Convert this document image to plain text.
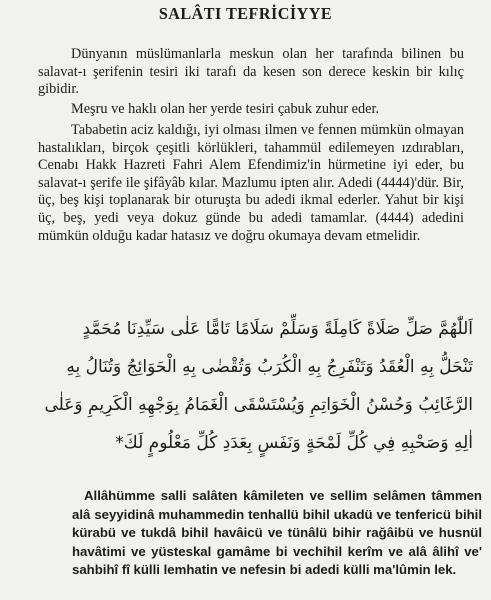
SALÂTI TEFRİCİYYE

Dünyanın müslümanlarla meskun olan her tarafında bilinen bu salavat-ı şerifenin tesiri iki tarafı da kesen son derece keskin bir kılıç gibidir.

Meşru ve haklı olan her yerde tesiri çabuk zuhur eder.

Tababetin aciz kaldığı, iyi olması ilmen ve fennen mümkün olmayan hastalıkları, birçok çeşitli körlükleri, tahammül edilemeyen ızdırabları, Cenabı Hakk Hazreti Fahri Alem Efendimiz'in hürmetine iyi eder, bu salavat-ı şerife ile şifâyâb kılar. Mazlumu ipten alır. Adedi (4444)'dür. Bir, üç, beş kişi toplanarak bir oturuşta bu adedi ikmal ederler. Yahut bir kişi üç, beş, yedi veya dokuz günde bu adedi tamamlar. (4444) adedini mümkün olduğu kadar hatasız ve doğru okumaya devam etmelidir.

اَللّٰهُمَّ صَلِّ صَلَاةً كَامِلَةً وَسَلِّمْ سَلَامًا تَامًّا عَلٰى سَيِّدِنَا مُحَمَّدٍ
تَنْحَلُّ بِهِ الْعُقَدُ وَتَنْفَرِجُ بِهِ الْكُرَبُ وَتُقْضٰى بِهِ الْحَوَائِجُ وَتُنَالُ بِهِ
الرَّغَائِبُ وَحُسْنُ الْخَوَاتِمِ وَيُسْتَسْقَى الْغَمَامُ بِوَجْهِهِ الْكَرِيمِ وَعَلٰى
اٰلِهِ وَصَحْبِهِ فِي كُلِّ لَمْحَةٍ وَنَفَسٍ بِعَدَدِ كُلِّ مَعْلُومٍ لَكَ*

Allâhümme salli salâten kâmileten ve sellim selâmen tâmmen alâ seyyidinâ muhammedin tenhallü bihil ukadü ve tenfericü bihil kürabü ve tukdâ bihil havâicü ve tünâlü bihir rağâibü ve husnül havâtimi ve yüsteskal gamâme bi vechihil kerîm ve alâ âlihî ve' sahbihî fî külli lemhatin ve nefesin bi adedi külli ma'lûmin lek.
